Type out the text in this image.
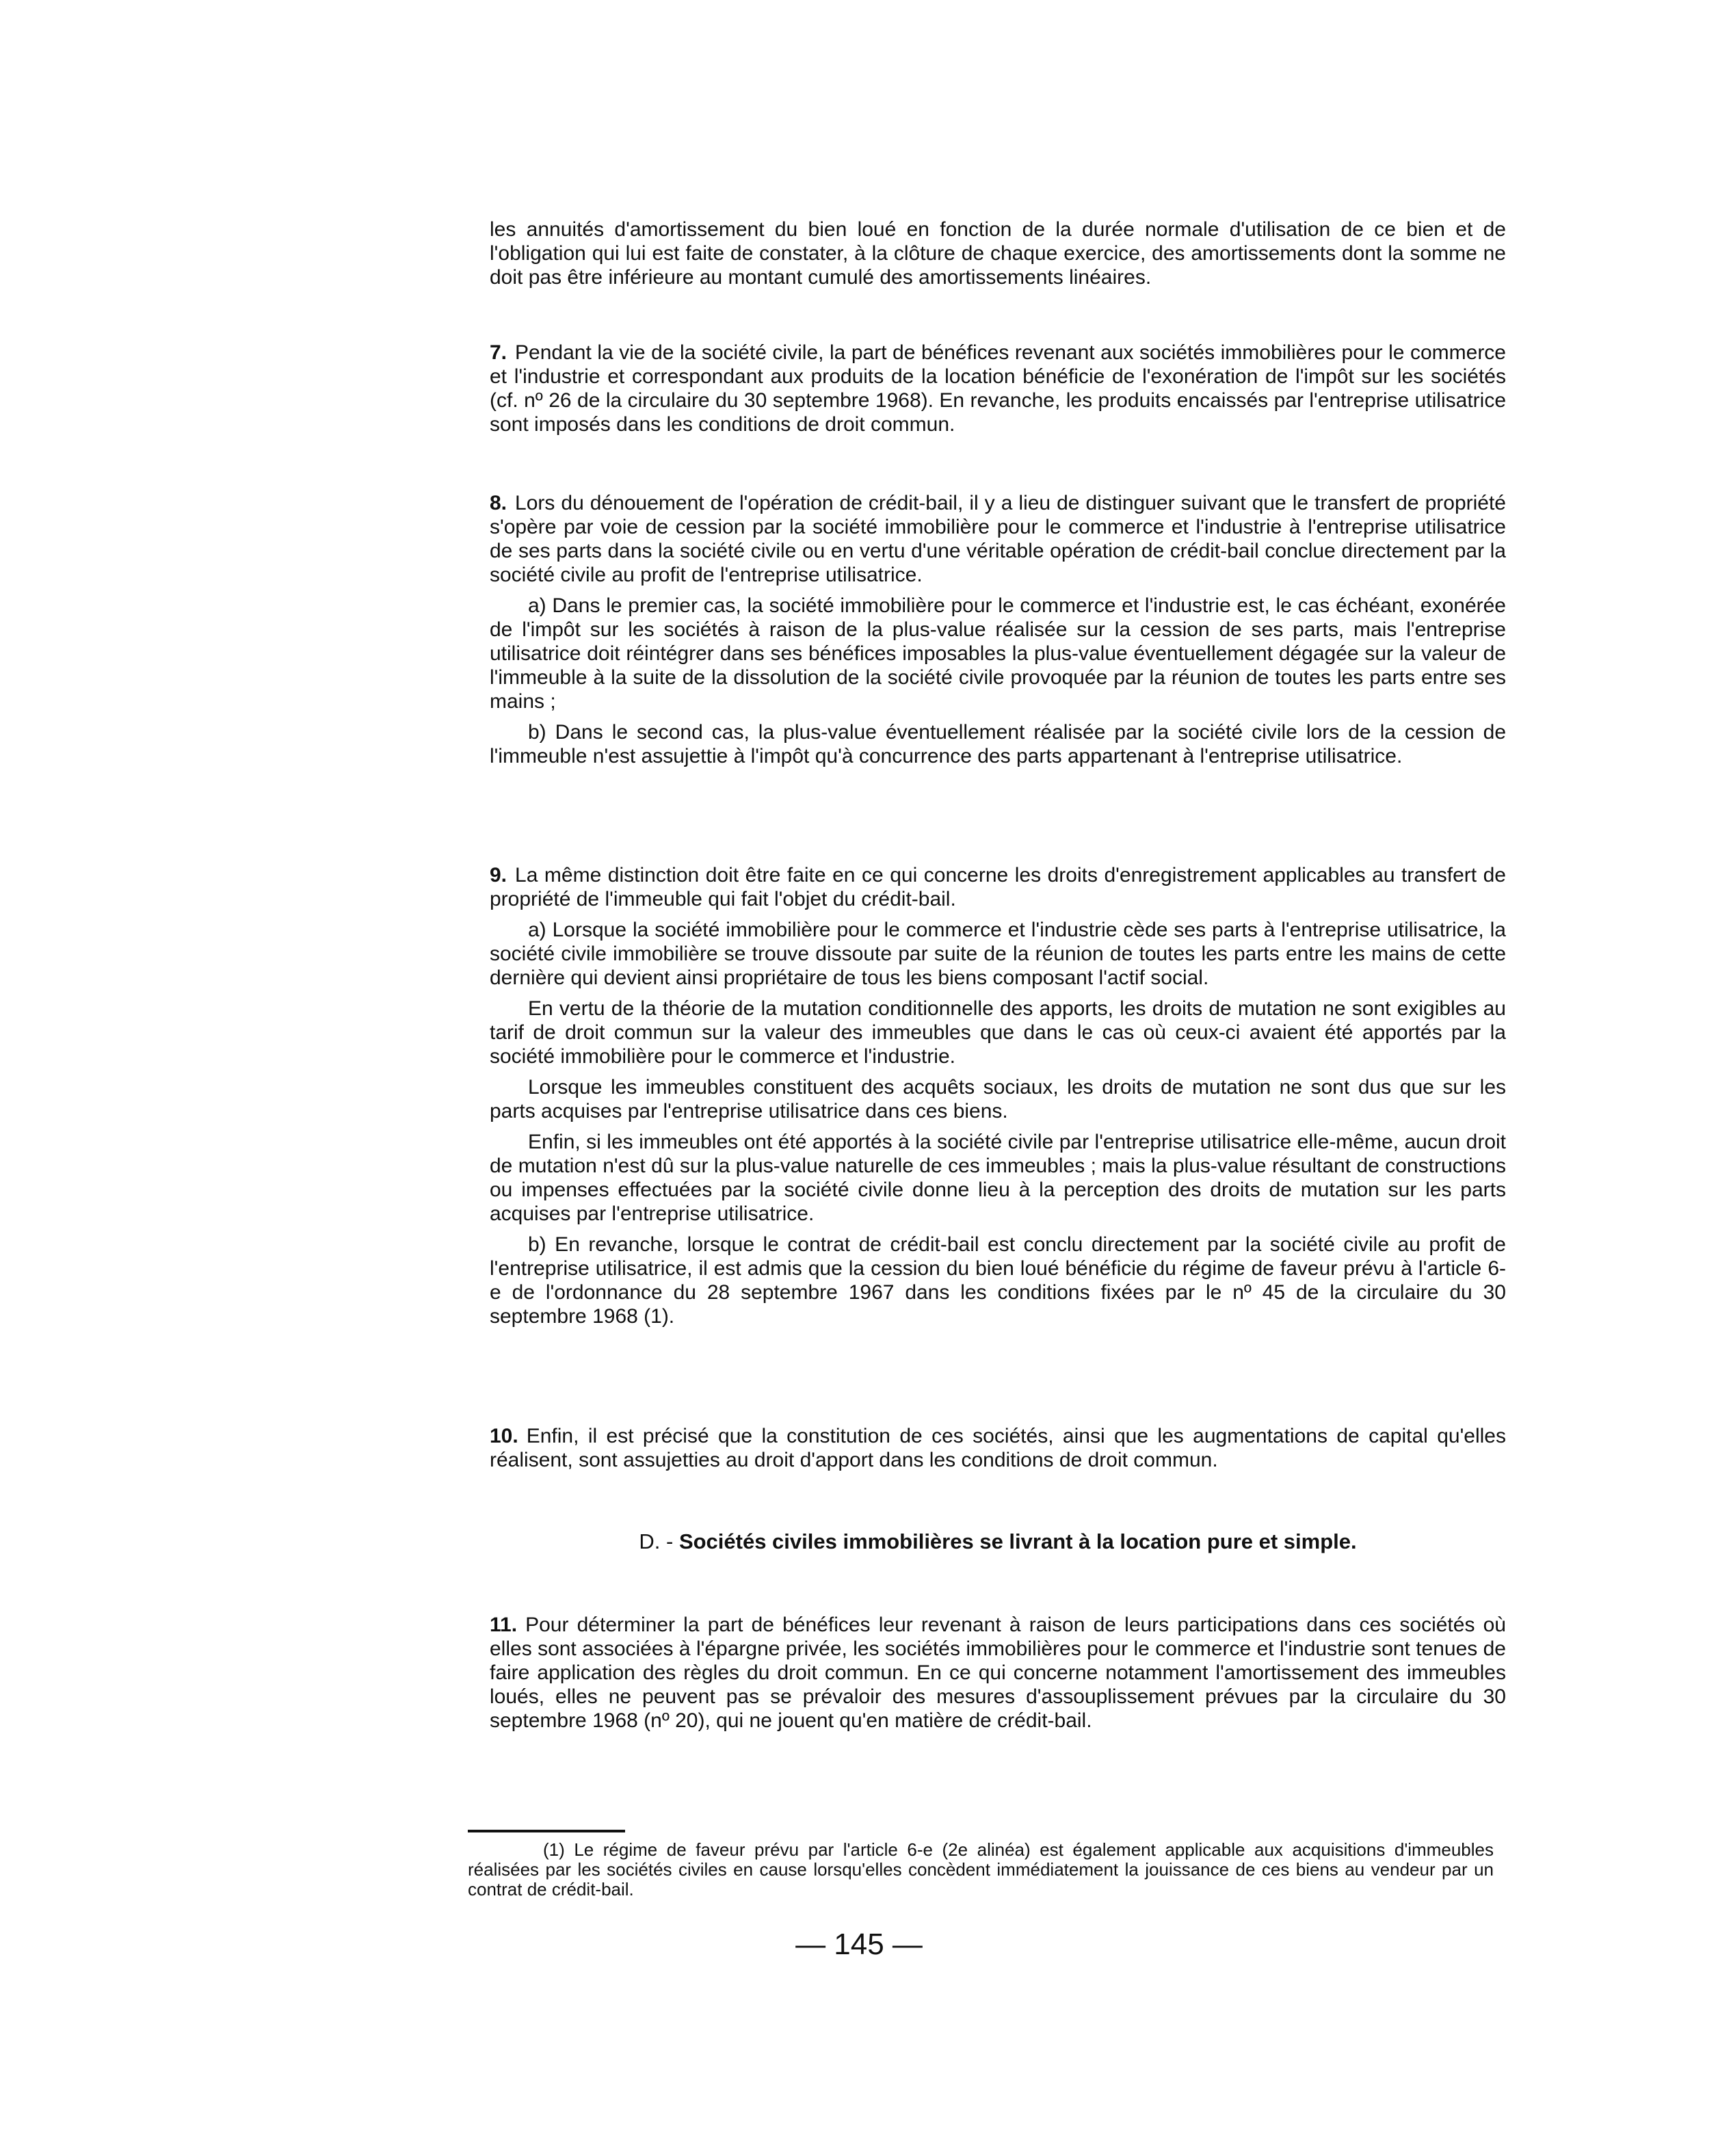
les annuités d'amortissement du bien loué en fonction de la durée normale d'utilisation de ce bien et de l'obligation qui lui est faite de constater, à la clôture de chaque exercice, des amortissements dont la somme ne doit pas être inférieure au montant cumulé des amortissements linéaires.

7. Pendant la vie de la société civile, la part de bénéfices revenant aux sociétés immobilières pour le commerce et l'industrie et correspondant aux produits de la location bénéficie de l'exonération de l'impôt sur les sociétés (cf. nº 26 de la circulaire du 30 septembre 1968). En revanche, les produits encaissés par l'entreprise utilisatrice sont imposés dans les conditions de droit commun.

8. Lors du dénouement de l'opération de crédit-bail, il y a lieu de distinguer suivant que le transfert de propriété s'opère par voie de cession par la société immobilière pour le commerce et l'industrie à l'entreprise utilisatrice de ses parts dans la société civile ou en vertu d'une véritable opération de crédit-bail conclue directement par la société civile au profit de l'entreprise utilisatrice.

a) Dans le premier cas, la société immobilière pour le commerce et l'industrie est, le cas échéant, exonérée de l'impôt sur les sociétés à raison de la plus-value réalisée sur la cession de ses parts, mais l'entreprise utilisatrice doit réintégrer dans ses bénéfices imposables la plus-value éventuellement dégagée sur la valeur de l'immeuble à la suite de la dissolution de la société civile provoquée par la réunion de toutes les parts entre ses mains ;

b) Dans le second cas, la plus-value éventuellement réalisée par la société civile lors de la cession de l'immeuble n'est assujettie à l'impôt qu'à concurrence des parts appartenant à l'entreprise utilisatrice.

9. La même distinction doit être faite en ce qui concerne les droits d'enregistrement applicables au transfert de propriété de l'immeuble qui fait l'objet du crédit-bail.

a) Lorsque la société immobilière pour le commerce et l'industrie cède ses parts à l'entreprise utilisatrice, la société civile immobilière se trouve dissoute par suite de la réunion de toutes les parts entre les mains de cette dernière qui devient ainsi propriétaire de tous les biens composant l'actif social.

En vertu de la théorie de la mutation conditionnelle des apports, les droits de mutation ne sont exigibles au tarif de droit commun sur la valeur des immeubles que dans le cas où ceux-ci avaient été apportés par la société immobilière pour le commerce et l'industrie.

Lorsque les immeubles constituent des acquêts sociaux, les droits de mutation ne sont dus que sur les parts acquises par l'entreprise utilisatrice dans ces biens.

Enfin, si les immeubles ont été apportés à la société civile par l'entreprise utilisatrice elle-même, aucun droit de mutation n'est dû sur la plus-value naturelle de ces immeubles ; mais la plus-value résultant de constructions ou impenses effectuées par la société civile donne lieu à la perception des droits de mutation sur les parts acquises par l'entreprise utilisatrice.

b) En revanche, lorsque le contrat de crédit-bail est conclu directement par la société civile au profit de l'entreprise utilisatrice, il est admis que la cession du bien loué bénéficie du régime de faveur prévu à l'article 6-e de l'ordonnance du 28 septembre 1967 dans les conditions fixées par le nº 45 de la circulaire du 30 septembre 1968 (1).

10. Enfin, il est précisé que la constitution de ces sociétés, ainsi que les augmentations de capital qu'elles réalisent, sont assujetties au droit d'apport dans les conditions de droit commun.

D. - Sociétés civiles immobilières se livrant à la location pure et simple.

11. Pour déterminer la part de bénéfices leur revenant à raison de leurs participations dans ces sociétés où elles sont associées à l'épargne privée, les sociétés immobilières pour le commerce et l'industrie sont tenues de faire application des règles du droit commun. En ce qui concerne notamment l'amortissement des immeubles loués, elles ne peuvent pas se prévaloir des mesures d'assouplissement prévues par la circulaire du 30 septembre 1968 (nº 20), qui ne jouent qu'en matière de crédit-bail.

(1) Le régime de faveur prévu par l'article 6-e (2e alinéa) est également applicable aux acquisitions d'immeubles réalisées par les sociétés civiles en cause lorsqu'elles concèdent immédiatement la jouissance de ces biens au vendeur par un contrat de crédit-bail.

— 145 —
